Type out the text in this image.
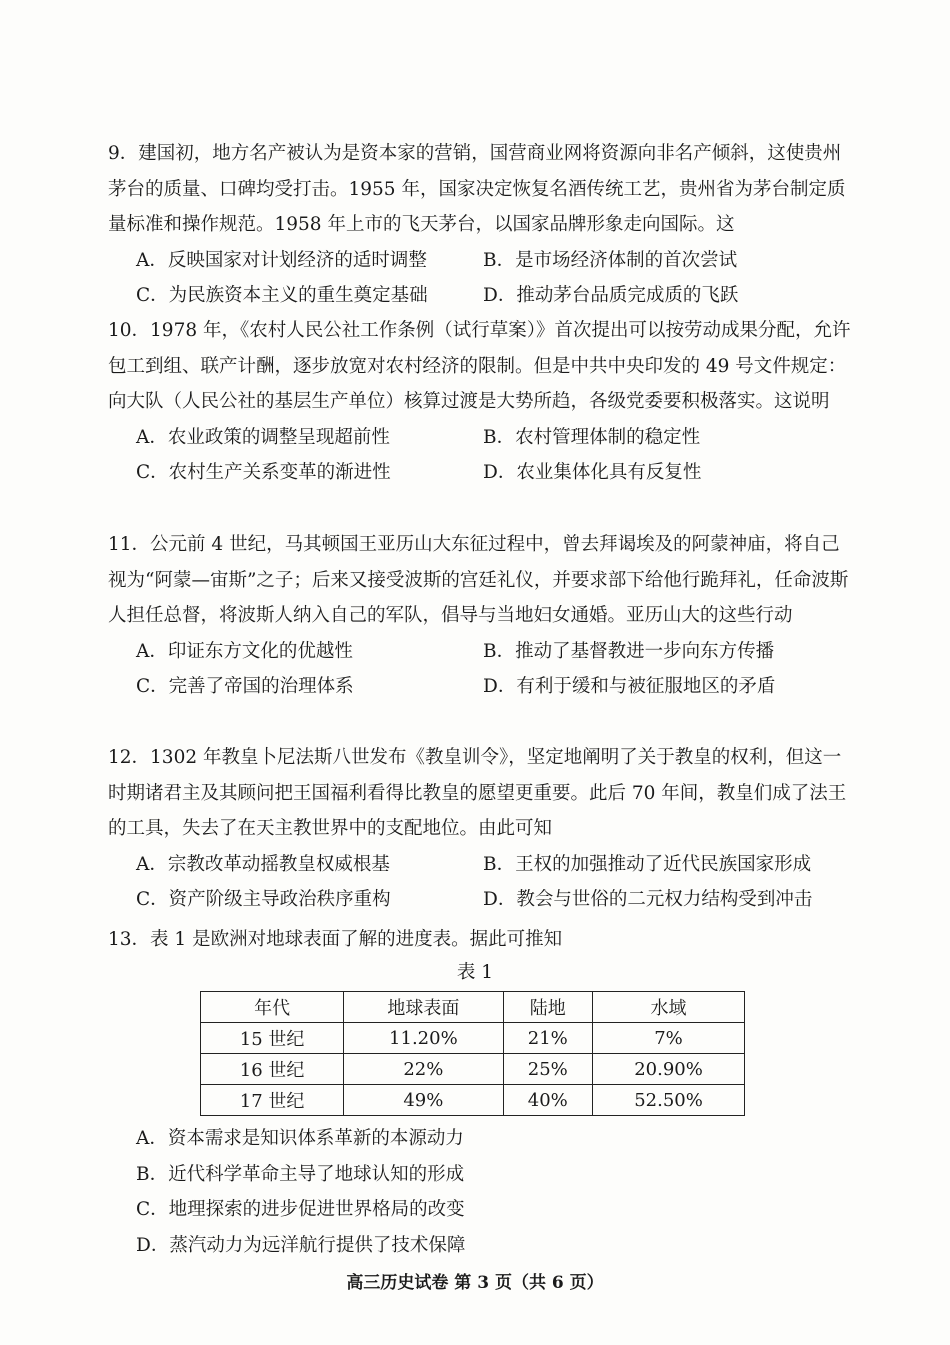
9．建国初，地方名产被认为是资本家的营销，国营商业网将资源向非名产倾斜，这使贵州茅台的质量、口碑均受打击。1955 年，国家决定恢复名酒传统工艺，贵州省为茅台制定质量标准和操作规范。1958 年上市的飞天茅台，以国家品牌形象走向国际。这
A．反映国家对计划经济的适时调整	B．是市场经济体制的首次尝试
C．为民族资本主义的重生奠定基础	D．推动茅台品质完成质的飞跃
10．1978 年，《农村人民公社工作条例（试行草案）》首次提出可以按劳动成果分配，允许包工到组、联产计酬，逐步放宽对农村经济的限制。但是中共中央印发的 49 号文件规定：向大队（人民公社的基层生产单位）核算过渡是大势所趋，各级党委要积极落实。这说明
A．农业政策的调整呈现超前性	B．农村管理体制的稳定性
C．农村生产关系变革的渐进性	D．农业集体化具有反复性
11．公元前 4 世纪，马其顿国王亚历山大东征过程中，曾去拜谒埃及的阿蒙神庙，将自己视为“阿蒙—宙斯”之子；后来又接受波斯的宫廷礼仪，并要求部下给他行跪拜礼，任命波斯人担任总督，将波斯人纳入自己的军队，倡导与当地妇女通婚。亚历山大的这些行动
A．印证东方文化的优越性	B．推动了基督教进一步向东方传播
C．完善了帝国的治理体系	D．有利于缓和与被征服地区的矛盾
12．1302 年教皇卜尼法斯八世发布《教皇训令》，坚定地阐明了关于教皇的权利，但这一时期诸君主及其顾问把王国福利看得比教皇的愿望更重要。此后 70 年间，教皇们成了法王的工具，失去了在天主教世界中的支配地位。由此可知
A．宗教改革动摇教皇权威根基	B．王权的加强推动了近代民族国家形成
C．资产阶级主导政治秩序重构	D．教会与世俗的二元权力结构受到冲击
13．表 1 是欧洲对地球表面了解的进度表。据此可推知
表 1
年代	地球表面	陆地	水域
15 世纪	11.20%	21%	7%
16 世纪	22%	25%	20.90%
17 世纪	49%	40%	52.50%
A．资本需求是知识体系革新的本源动力
B．近代科学革命主导了地球认知的形成
C．地理探索的进步促进世界格局的改变
D．蒸汽动力为远洋航行提供了技术保障
高三历史试卷 第 3 页（共 6 页）
